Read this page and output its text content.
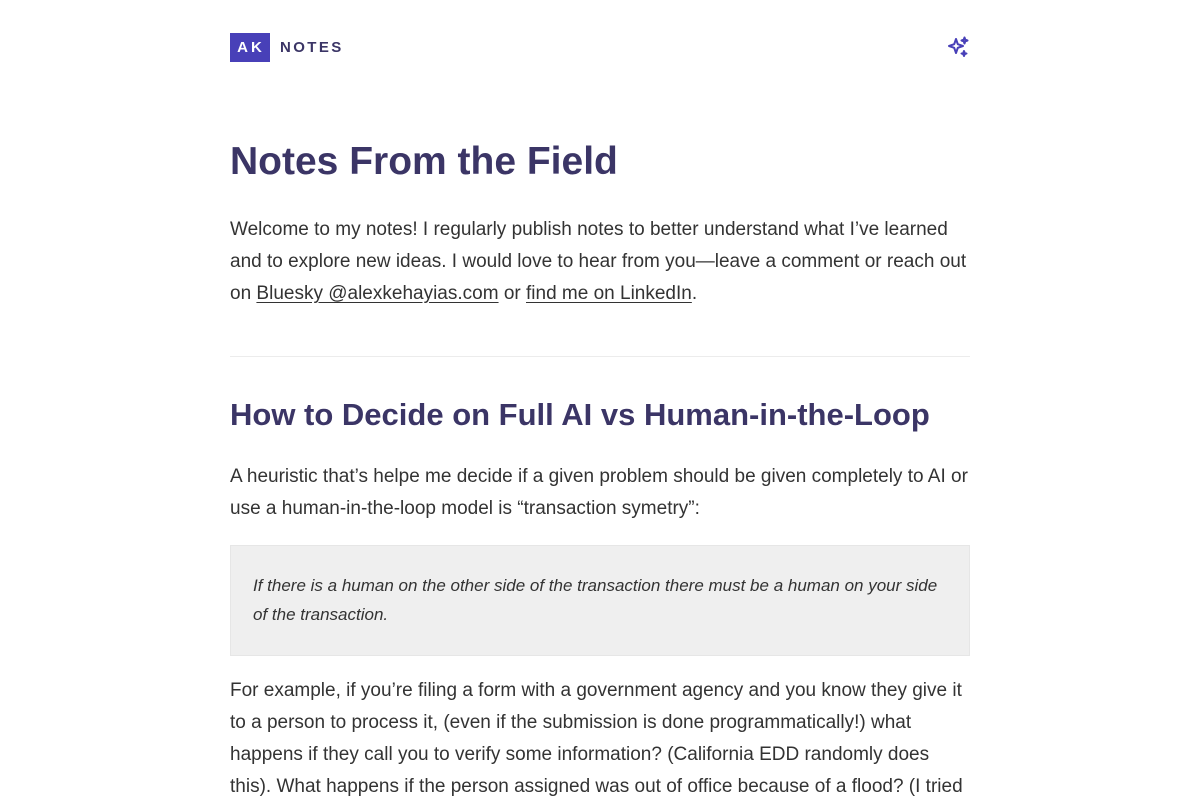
AK	NOTES
Notes From the Field

Welcome to my notes! I regularly publish notes to better understand what I’ve learned and to explore new ideas. I would love to hear from you—leave a comment or reach out on Bluesky @alexkehayias.com or find me on LinkedIn.

How to Decide on Full AI vs Human-in-the-Loop

A heuristic that’s helpe me decide if a given problem should be given completely to AI or use a human-in-the-loop model is “transaction symetry”:

If there is a human on the other side of the transaction there must be a human on your side of the transaction.

For example, if you’re filing a form with a government agency and you know they give it to a person to process it, (even if the submission is done programmatically!) what happens if they call you to verify some information? (California EDD randomly does this). What happens if the person assigned was out of office because of a flood? (I tried
